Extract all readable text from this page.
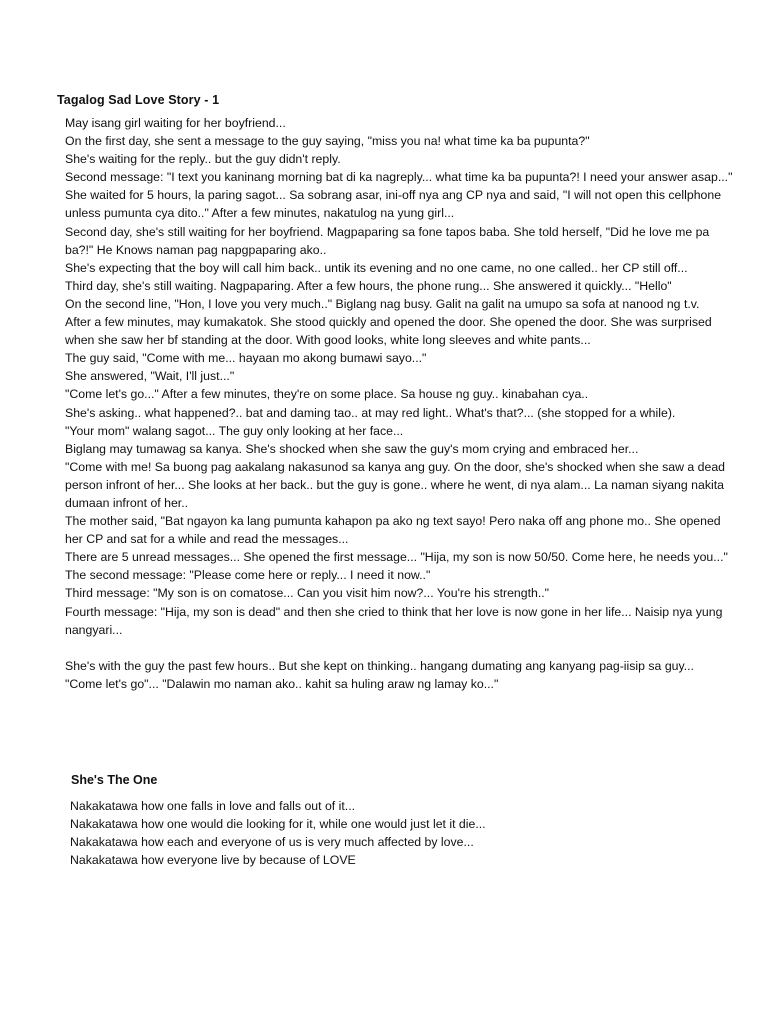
Tagalog Sad Love Story - 1

May isang girl waiting for her boyfriend...

On the first day, she sent a message to the guy saying, "miss you na! what time ka ba pupunta?"

She's waiting for the reply.. but the guy didn't reply.

Second message: "I text you kaninang morning bat di ka nagreply... what time ka ba pupunta?! I need your answer asap..."

She waited for 5 hours, la paring sagot... Sa sobrang asar, ini-off nya ang CP nya and said, "I will not open this cellphone unless pumunta cya dito.." After a few minutes, nakatulog na yung girl...

Second day, she's still waiting for her boyfriend. Magpaparing sa fone tapos baba. She told herself, "Did he love me pa ba?!" He Knows naman pag napgpaparing ako..

She's expecting that the boy will call him back.. untik its evening and no one came, no one called.. her CP still off...

Third day, she's still waiting. Nagpaparing. After a few hours, the phone rung... She answered it quickly... "Hello"

On the second line, "Hon, I love you very much.." Biglang nag busy. Galit na galit na umupo sa sofa at nanood ng t.v.

After a few minutes, may kumakatok. She stood quickly and opened the door. She opened the door. She was surprised when she saw her bf standing at the door. With good looks, white long sleeves and white pants...

The guy said, "Come with me... hayaan mo akong bumawi sayo..."

She answered, "Wait, I'll just..."

"Come let's go..." After a few minutes, they're on some place. Sa house ng guy.. kinabahan cya..

She's asking.. what happened?.. bat and daming tao.. at may red light.. What's that?... (she stopped for a while).

"Your mom" walang sagot... The guy only looking at her face...

Biglang may tumawag sa kanya. She's shocked when she saw the guy's mom crying and embraced her...

"Come with me! Sa buong pag aakalang nakasunod sa kanya ang guy. On the door, she's shocked when she saw a dead person infront of her... She looks at her back.. but the guy is gone.. where he went, di nya alam... La naman siyang nakita dumaan infront of her..

The mother said, "Bat ngayon ka lang pumunta kahapon pa ako ng text sayo! Pero naka off ang phone mo.. She opened her CP and sat for a while and read the messages...

There are 5 unread messages... She opened the first message... "Hija, my son is now 50/50. Come here, he needs you..."

The second message: "Please come here or reply... I need it now.."

Third message: "My son is on comatose... Can you visit him now?... You're his strength.."

Fourth message: "Hija, my son is dead" and then she cried to think that her love is now gone in her life... Naisip nya yung nangyari...

She's with the guy the past few hours.. But she kept on thinking.. hangang dumating ang kanyang pag-iisip sa guy... "Come let's go"... "Dalawin mo naman ako.. kahit sa huling araw ng lamay ko..."

She's The One

Nakakatawa how one falls in love and falls out of it...

Nakakatawa how one would die looking for it, while one would just let it die...

Nakakatawa how each and everyone of us is very much affected by love...

Nakakatawa how everyone live by because of LOVE
